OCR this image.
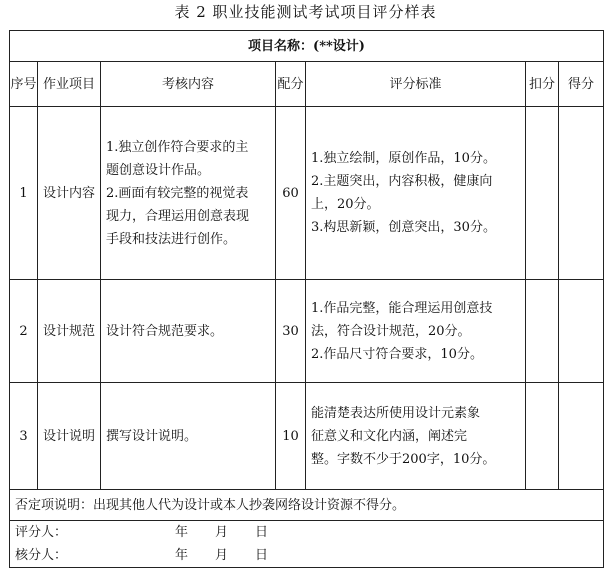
表 2 职业技能测试考试项目评分样表
项目名称：(**设计)						
序号	作业项目	考核内容	配分	评分标准	扣分	得分
1	设计内容	1.独立创作符合要求的主
题创意设计作品。
2.画面有较完整的视觉表
现力，合理运用创意表现
手段和技法进行创作。	60	1.独立绘制，原创作品，10分。
2.主题突出，内容积极，健康向
上，20分。
3.构思新颖，创意突出，30分。		

2	设计规范	设计符合规范要求。	30	1.作品完整，能合理运用创意技
法，符合设计规范，20分。
2.作品尺寸符合要求，10分。		

3	设计说明	撰写设计说明。	10	能清楚表达所使用设计元素象
征意义和文化内涵，阐述完
整。字数不少于200字，10分。		

否定项说明：出现其他人代为设计或本人抄袭网络设计资源不得分。						

评分人： 年 月 日
核分人： 年 月 日						
